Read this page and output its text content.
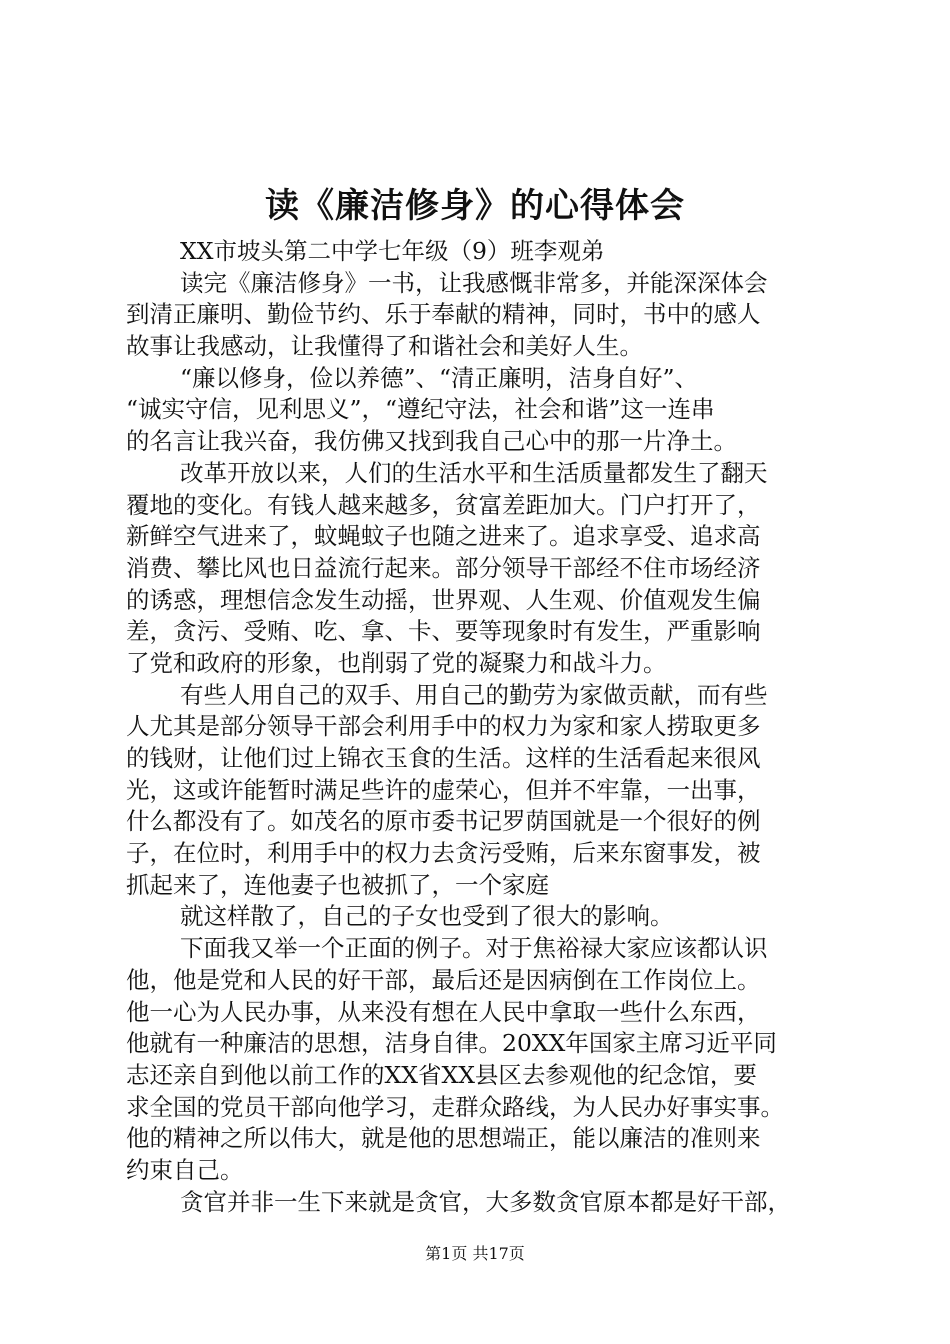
读《廉洁修身》的心得体会
XX市坡头第二中学七年级（9）班李观弟
读完《廉洁修身》一书，让我感慨非常多，并能深深体会
到清正廉明、勤俭节约、乐于奉献的精神，同时，书中的感人
故事让我感动，让我懂得了和谐社会和美好人生。
“廉以修身，俭以养德”、“清正廉明，洁身自好”、
“诚实守信，见利思义”，“遵纪守法，社会和谐”这一连串
的名言让我兴奋，我仿佛又找到我自己心中的那一片净土。
改革开放以来，人们的生活水平和生活质量都发生了翻天
覆地的变化。有钱人越来越多，贫富差距加大。门户打开了，
新鲜空气进来了，蚊蝇蚊子也随之进来了。追求享受、追求高
消费、攀比风也日益流行起来。部分领导干部经不住市场经济
的诱惑，理想信念发生动摇，世界观、人生观、价值观发生偏
差，贪污、受贿、吃、拿、卡、要等现象时有发生，严重影响
了党和政府的形象，也削弱了党的凝聚力和战斗力。
有些人用自己的双手、用自己的勤劳为家做贡献，而有些
人尤其是部分领导干部会利用手中的权力为家和家人捞取更多
的钱财，让他们过上锦衣玉食的生活。这样的生活看起来很风
光，这或许能暂时满足些许的虚荣心，但并不牢靠，一出事，
什么都没有了。如茂名的原市委书记罗荫国就是一个很好的例
子，在位时，利用手中的权力去贪污受贿，后来东窗事发，被
抓起来了，连他妻子也被抓了，一个家庭
就这样散了，自己的子女也受到了很大的影响。
下面我又举一个正面的例子。对于焦裕禄大家应该都认识
他，他是党和人民的好干部，最后还是因病倒在工作岗位上。
他一心为人民办事，从来没有想在人民中拿取一些什么东西，
他就有一种廉洁的思想，洁身自律。20XX年国家主席习近平同
志还亲自到他以前工作的XX省XX县区去参观他的纪念馆，要
求全国的党员干部向他学习，走群众路线，为人民办好事实事。
他的精神之所以伟大，就是他的思想端正，能以廉洁的准则来
约束自己。
贪官并非一生下来就是贪官，大多数贪官原本都是好干部，
第1页 共17页
